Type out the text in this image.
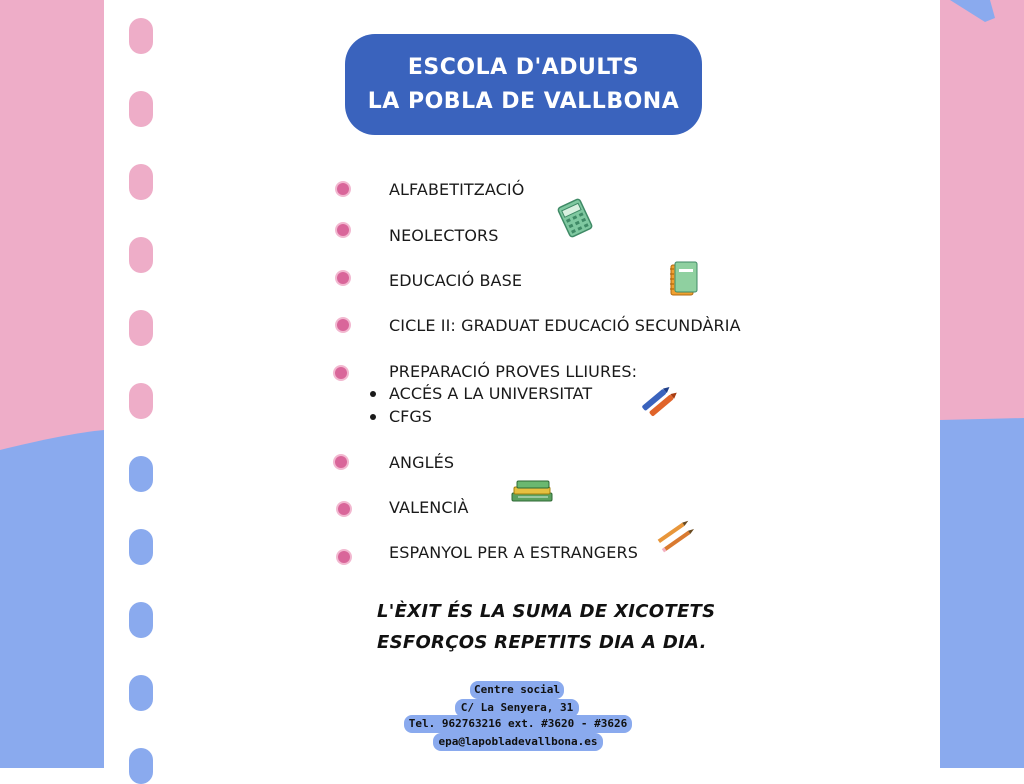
ESCOLA D'ADULTS
LA POBLA DE VALLBONA
ALFABETITZACIÓ
NEOLECTORS
EDUCACIÓ BASE
CICLE II: GRADUAT EDUCACIÓ SECUNDÀRIA
PREPARACIÓ PROVES LLIURES:
ACCÉS A LA UNIVERSITAT
CFGS
ANGLÉS
VALENCIÀ
ESPANYOL PER A ESTRANGERS
L'ÈXIT ÉS LA SUMA DE XICOTETS
ESFORÇOS REPETITS DIA A DIA.
Centre social
C/ La Senyera, 31
Tel. 962763216 ext. #3620 - #3626
epa@lapobladevallbona.es
